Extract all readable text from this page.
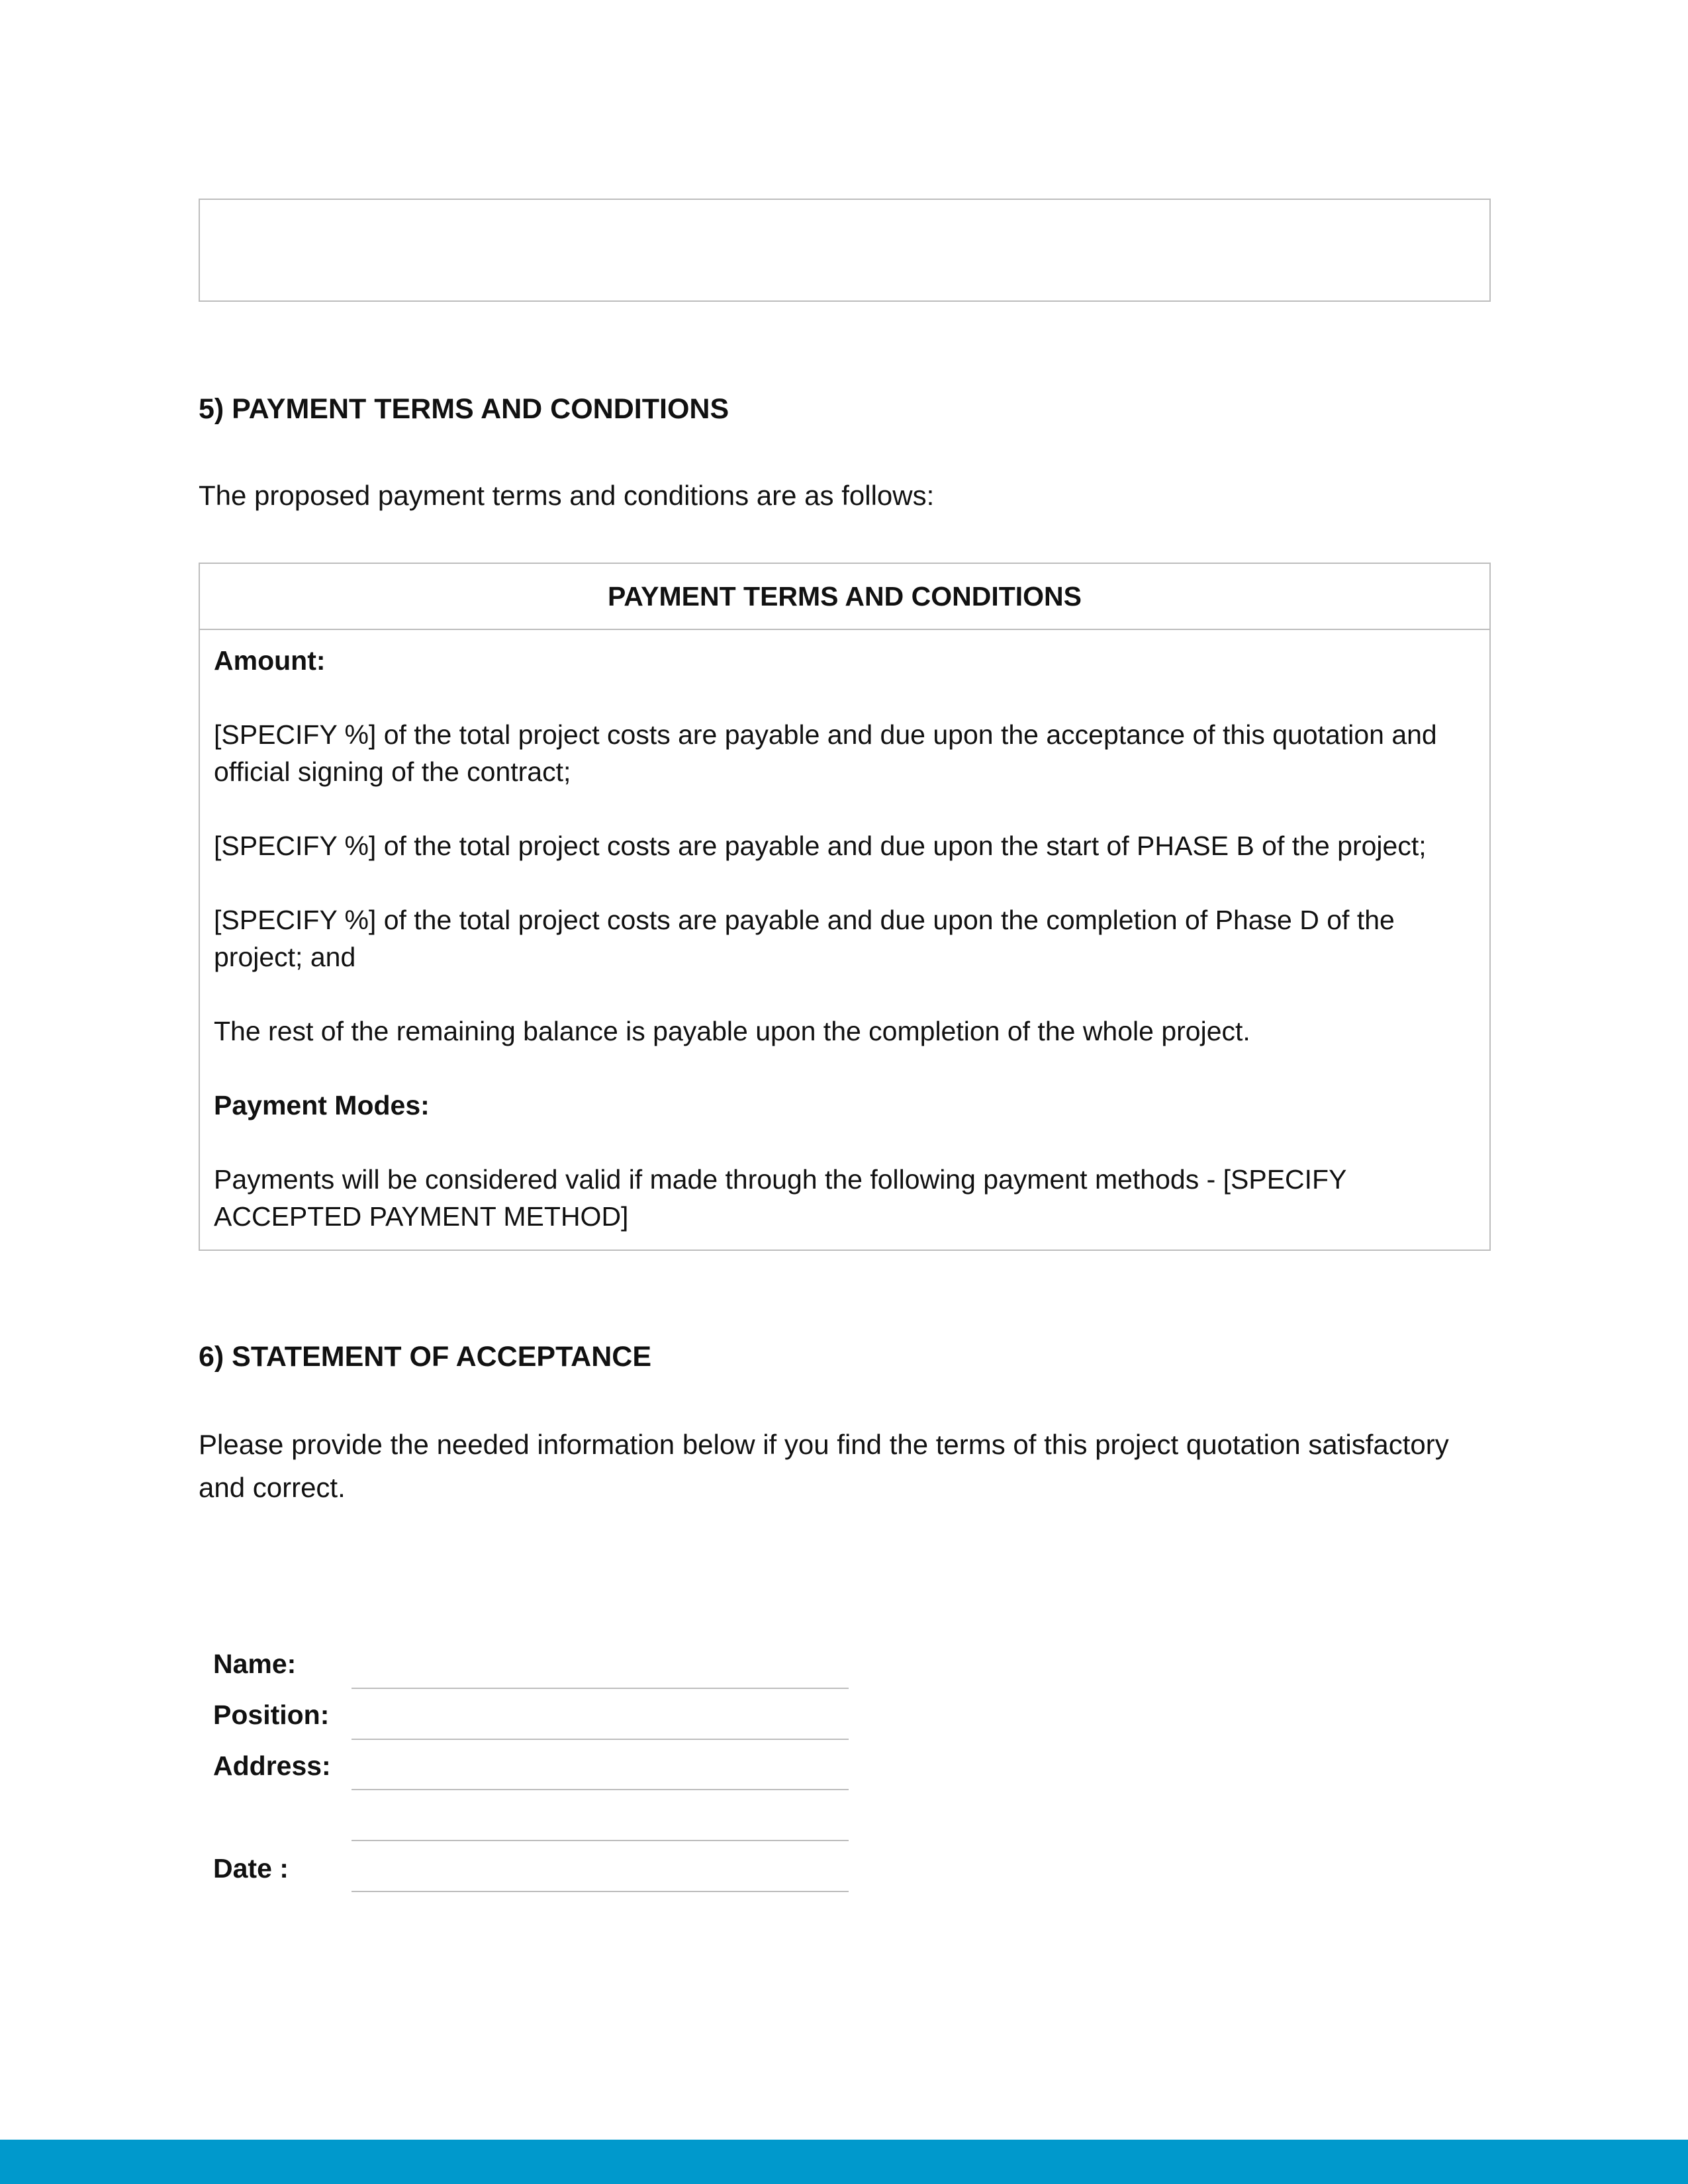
5) PAYMENT TERMS AND CONDITIONS

The proposed payment terms and conditions are as follows:

PAYMENT TERMS AND CONDITIONS

Amount:

[SPECIFY %] of the total project costs are payable and due upon the acceptance of this quotation and official signing of the contract;

[SPECIFY %] of the total project costs are payable and due upon the start of PHASE B of the project;

[SPECIFY %] of the total project costs are payable and due upon the completion of Phase D of the project; and

The rest of the remaining balance is payable upon the completion of the whole project.

Payment Modes:

Payments will be considered valid if made through the following payment methods - [SPECIFY ACCEPTED PAYMENT METHOD]

6) STATEMENT OF ACCEPTANCE

Please provide the needed information below if you find the terms of this project quotation satisfactory and correct.

Name:
Position:
Address:
Date :
